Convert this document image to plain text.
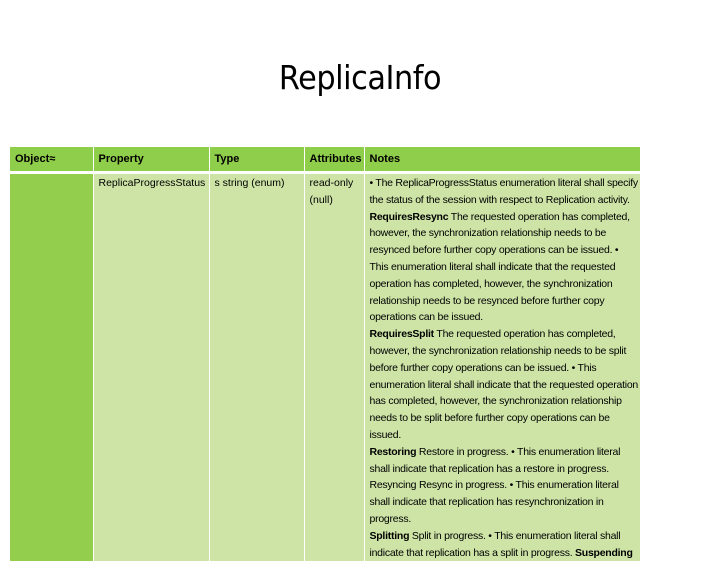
ReplicaInfo
Object≈	Property	Type	Attributes	Notes
	ReplicaProgressStatus	s string (enum)	read-only (null)	• The ReplicaProgressStatus enumeration literal shall specify the status of the session with respect to Replication activity.
RequiresResync The requested operation has completed, however, the synchronization relationship needs to be resynced before further copy operations can be issued. • This enumeration literal shall indicate that the requested operation has completed, however, the synchronization relationship needs to be resynced before further copy operations can be issued.
RequiresSplit The requested operation has completed, however, the synchronization relationship needs to be split before further copy operations can be issued. • This enumeration literal shall indicate that the requested operation has completed, however, the synchronization relationship needs to be split before further copy operations can be issued.
Restoring Restore in progress. • This enumeration literal shall indicate that replication has a restore in progress. Resyncing Resync in progress. • This enumeration literal shall indicate that replication has resynchronization in progress.
Splitting Split in progress. • This enumeration literal shall indicate that replication has a split in progress. Suspending
